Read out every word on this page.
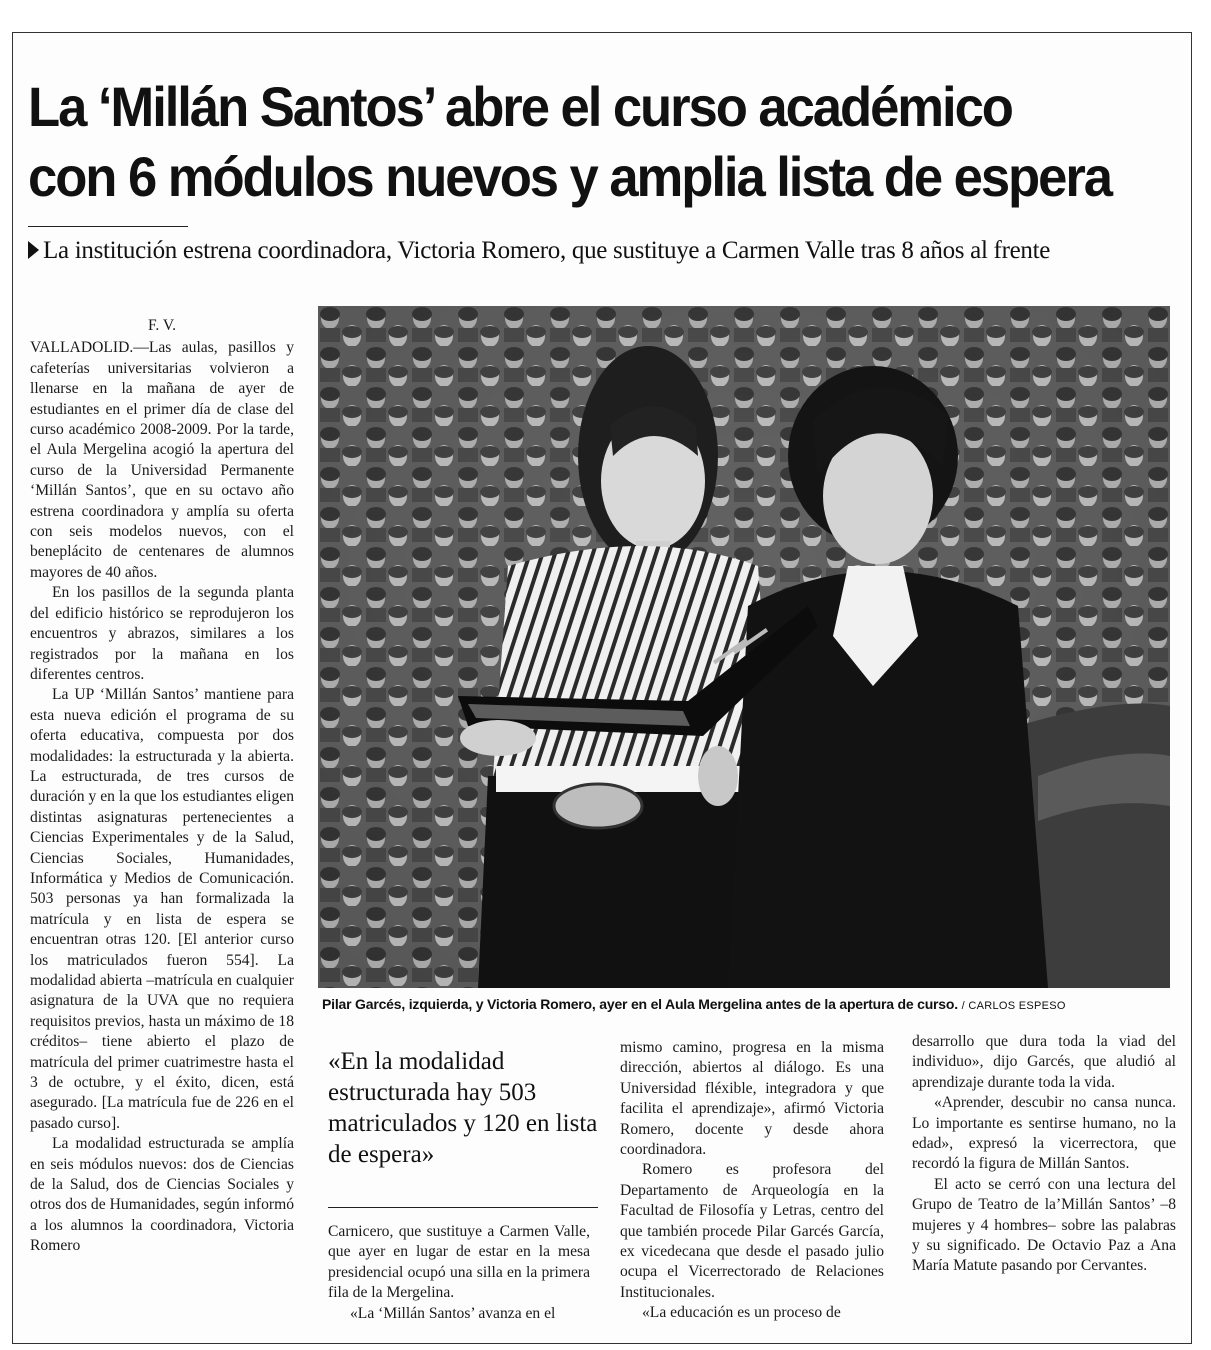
La ‘Millán Santos’ abre el curso académico
con 6 módulos nuevos y amplia lista de espera
La institución estrena coordinadora, Victoria Romero, que sustituye a Carmen Valle tras 8 años al frente

F. V.

VALLADOLID.—Las aulas, pasillos y cafeterías universitarias volvieron a llenarse en la mañana de ayer de estudiantes en el primer día de clase del curso académico 2008-2009. Por la tarde, el Aula Mergelina acogió la apertura del curso de la Universidad Permanente ‘Millán Santos’, que en su octavo año estrena coordinadora y amplía su oferta con seis modelos nuevos, con el beneplácito de centenares de alumnos mayores de 40 años.

En los pasillos de la segunda planta del edificio histórico se reprodujeron los encuentros y abrazos, similares a los registrados por la mañana en los diferentes centros.

La UP ‘Millán Santos’ mantiene para esta nueva edición el programa de su oferta educativa, compuesta por dos modalidades: la estructurada y la abierta. La estructurada, de tres cursos de duración y en la que los estudiantes eligen distintas asignaturas pertenecientes a Ciencias Experimentales y de la Salud, Ciencias Sociales, Humanidades, Informática y Medios de Comunicación. 503 personas ya han formalizada la matrícula y en lista de espera se encuentran otras 120. [El anterior curso los matriculados fueron 554]. La modalidad abierta –matrícula en cualquier asignatura de la UVA que no requiera requisitos previos, hasta un máximo de 18 créditos– tiene abierto el plazo de matrícula del primer cuatrimestre hasta el 3 de octubre, y el éxito, dicen, está asegurado. [La matrícula fue de 226 en el pasado curso].

La modalidad estructurada se amplía en seis módulos nuevos: dos de Ciencias de la Salud, dos de Ciencias Sociales y otros dos de Humanidades, según informó a los alumnos la coordinadora, Victoria Romero

Pilar Garcés, izquierda, y Victoria Romero, ayer en el Aula Mergelina antes de la apertura de curso. / CARLOS ESPESO
«En la modalidad estructurada hay 503 matriculados y 120 en lista de espera»

Carnicero, que sustituye a Carmen Valle, que ayer en lugar de estar en la mesa presidencial ocupó una silla en la primera fila de la Mergelina.

«La ‘Millán Santos’ avanza en el

mismo camino, progresa en la misma dirección, abiertos al diálogo. Es una Universidad fléxible, integradora y que facilita el aprendizaje», afirmó Victoria Romero, docente y desde ahora coordinadora.

Romero es profesora del Departamento de Arqueología en la Facultad de Filosofía y Letras, centro del que también procede Pilar Garcés García, ex vicedecana que desde el pasado julio ocupa el Vicerrectorado de Relaciones Institucionales.

«La educación es un proceso de

desarrollo que dura toda la viad del individuo», dijo Garcés, que aludió al aprendizaje durante toda la vida.

«Aprender, descubir no cansa nunca. Lo importante es sentirse humano, no la edad», expresó la vicerrectora, que recordó la figura de Millán Santos.

El acto se cerró con una lectura del Grupo de Teatro de la’Millán Santos’ –8 mujeres y 4 hombres– sobre las palabras y su significado. De Octavio Paz a Ana María Matute pasando por Cervantes.
